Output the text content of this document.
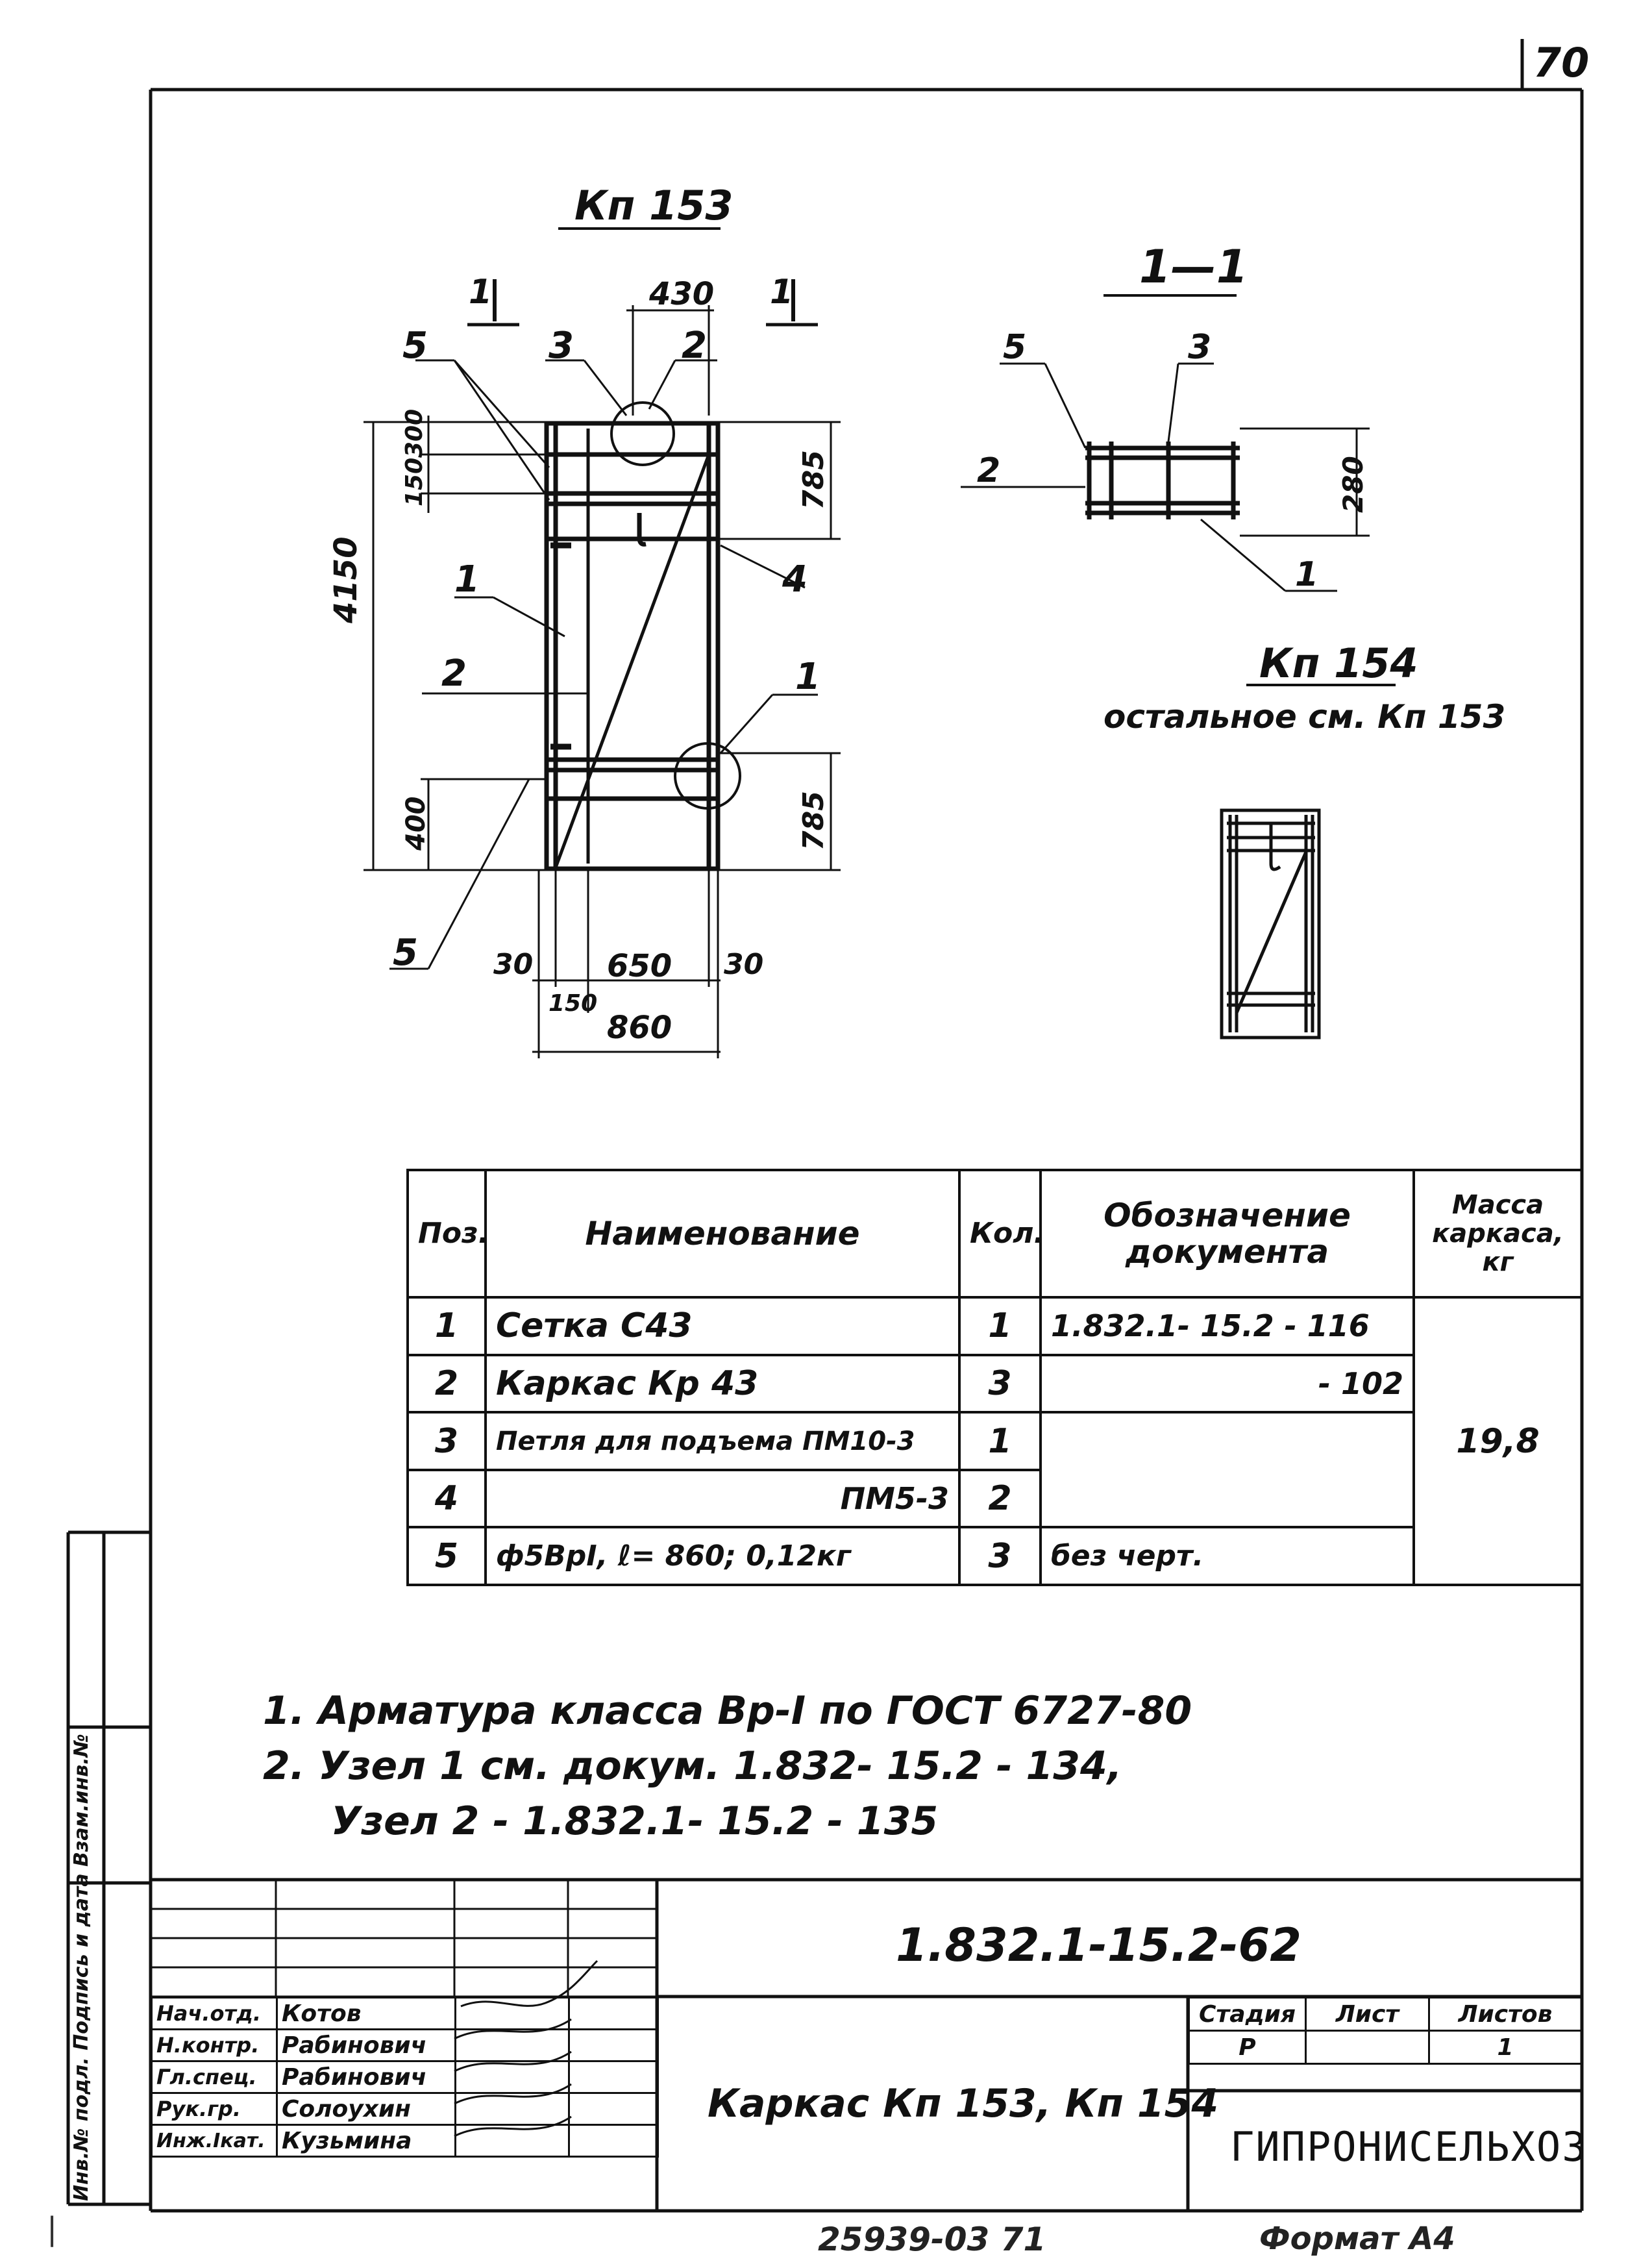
70
|
Кп 153
1	1
430
5	3	2
1
2
4
1
5
4150
300
150	785
785
400
30 650 30
150
860
1—1
5	3
2
1
280
Кп 154
остальное см. Кп 153
Поз.	Наименование	Кол.	Обозначение документа	Масса каркаса, кг
1	Сетка С43	1	1.832.1- 15.2 - 116	19,8
2	Каркас Кр 43	3	- 102	
3	Петля для подъема ПМ10-3	1		
4	ПМ5-3	2		
5	ф5ВрI, ℓ= 860; 0,12кг	3	без черт.	
1. Арматура класса Вр-I по ГОСТ 6727-80
2. Узел 1 см. докум. 1.832- 15.2 - 134,
Узел 2 - 1.832.1- 15.2 - 135
1.832.1-15.2-62
Нач.отд.	Котов		
Н.контр.	Рабинович		
Гл.спец.	Рабинович		
Рук.гр.	Солоухин		
Инж.Iкат.	Кузьмина		
Каркас Кп 153, Кп 154
Стадия	Лист	Листов
Р		1
ГИПРОНИСЕЛЬХОЗ
Инв.№ подл. Подпись и дата Взам.инв.№
25939-03 71	Формат А4
